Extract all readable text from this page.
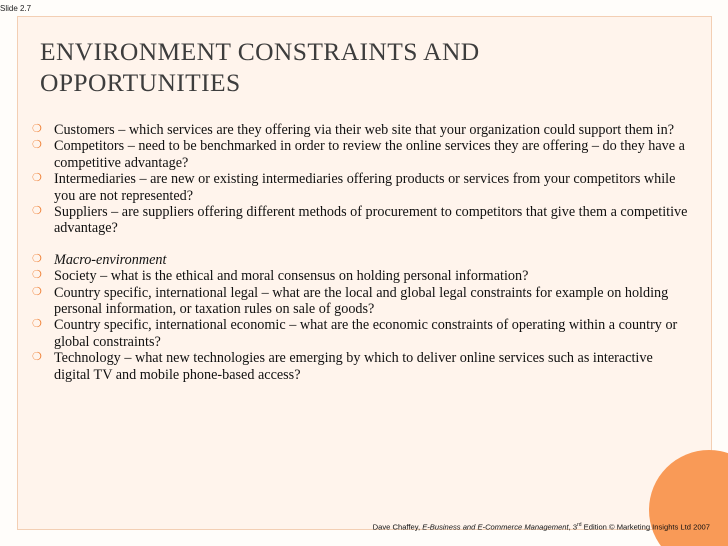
Slide 2.7
ENVIRONMENT CONSTRAINTS AND OPPORTUNITIES
❍ Customers – which services are they offering via their web site that your organization could support them in?
❍ Competitors – need to be benchmarked in order to review the online services they are offering – do they have a competitive advantage?
❍ Intermediaries – are new or existing intermediaries offering products or services from your competitors while you are not represented?
❍ Suppliers – are suppliers offering different methods of procurement to competitors that give them a competitive advantage?
❍ Macro-environment
❍ Society – what is the ethical and moral consensus on holding personal information?
❍ Country specific, international legal – what are the local and global legal constraints for example on holding personal information, or taxation rules on sale of goods?
❍ Country specific, international economic – what are the economic constraints of operating within a country or global constraints?
❍ Technology – what new technologies are emerging by which to deliver online services such as interactive digital TV and mobile phone-based access?
Dave Chaffey, E-Business and E-Commerce Management, 3rd Edition © Marketing Insights Ltd 2007
